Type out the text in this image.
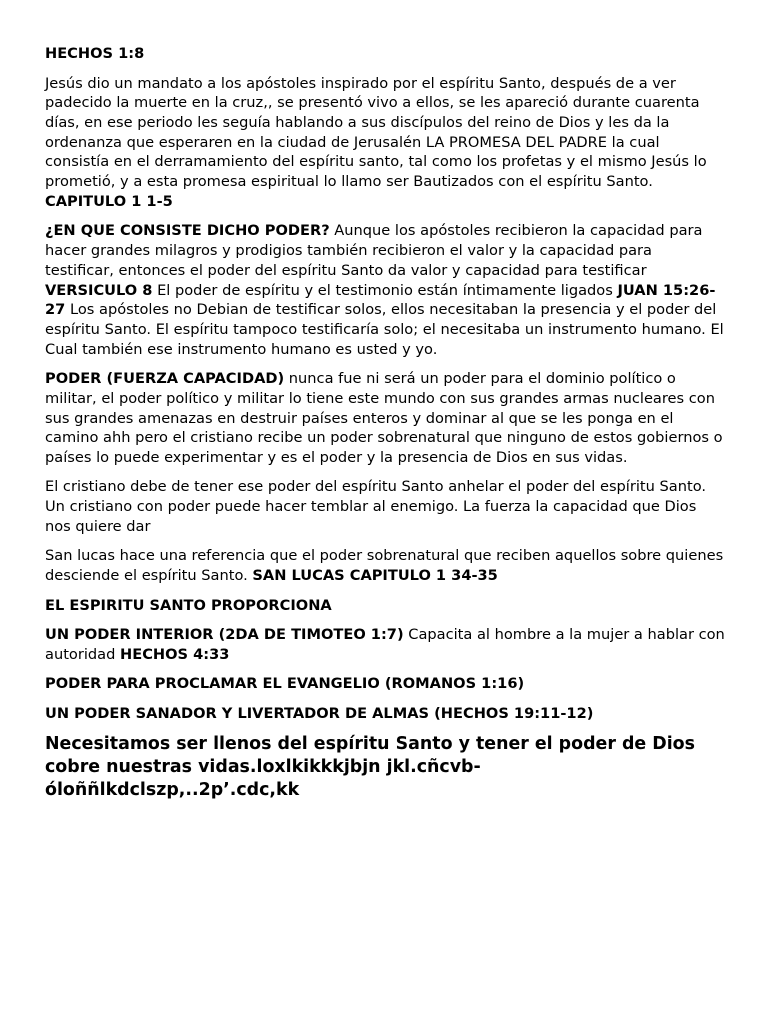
HECHOS 1:8

Jesús dio un mandato a los apóstoles inspirado por el espíritu Santo, después de a ver padecido la muerte en la cruz,, se presentó vivo a ellos, se les apareció durante cuarenta días, en ese periodo les seguía hablando a sus discípulos del reino de Dios y les da la ordenanza que esperaren en la ciudad de Jerusalén LA PROMESA DEL PADRE la cual consistía en el derramamiento del espíritu santo, tal como los profetas y el mismo Jesús lo prometió, y a esta promesa espiritual lo llamo ser Bautizados con el espíritu Santo.
CAPITULO 1 1-5

¿EN QUE CONSISTE DICHO PODER? Aunque los apóstoles recibieron la capacidad para hacer grandes milagros y prodigios también recibieron el valor y la capacidad para testificar, entonces el poder del espíritu Santo da valor y capacidad para testificar VERSICULO 8 El poder de espíritu y el testimonio están íntimamente ligados JUAN 15:26-27 Los apóstoles no Debian de testificar solos, ellos necesitaban la presencia y el poder del espíritu Santo. El espíritu tampoco testificaría solo; el necesitaba un instrumento humano. El Cual también ese instrumento humano es usted y yo.

PODER (FUERZA CAPACIDAD) nunca fue ni será un poder para el dominio político o militar, el poder político y militar lo tiene este mundo con sus grandes armas nucleares con sus grandes amenazas en destruir países enteros y dominar al que se les ponga en el camino ahh pero el cristiano recibe un poder sobrenatural que ninguno de estos gobiernos o países lo puede experimentar y es el poder y la presencia de Dios en sus vidas.

El cristiano debe de tener ese poder del espíritu Santo anhelar el poder del espíritu Santo. Un cristiano con poder puede hacer temblar al enemigo. La fuerza la capacidad que Dios nos quiere dar

San lucas hace una referencia que el poder sobrenatural que reciben aquellos sobre quienes desciende el espíritu Santo. SAN LUCAS CAPITULO 1 34-35

EL ESPIRITU SANTO PROPORCIONA

UN PODER INTERIOR (2DA DE TIMOTEO 1:7) Capacita al hombre a la mujer a hablar con autoridad HECHOS 4:33

PODER PARA PROCLAMAR EL EVANGELIO (ROMANOS 1:16)

UN PODER SANADOR Y LIVERTADOR DE ALMAS (HECHOS 19:11-12)

Necesitamos ser llenos del espíritu Santo y tener el poder de Dios cobre nuestras vidas.loxlkikkkjbjn jkl.cñcvb-óloññlkdclszp,..2p’.cdc,kk
